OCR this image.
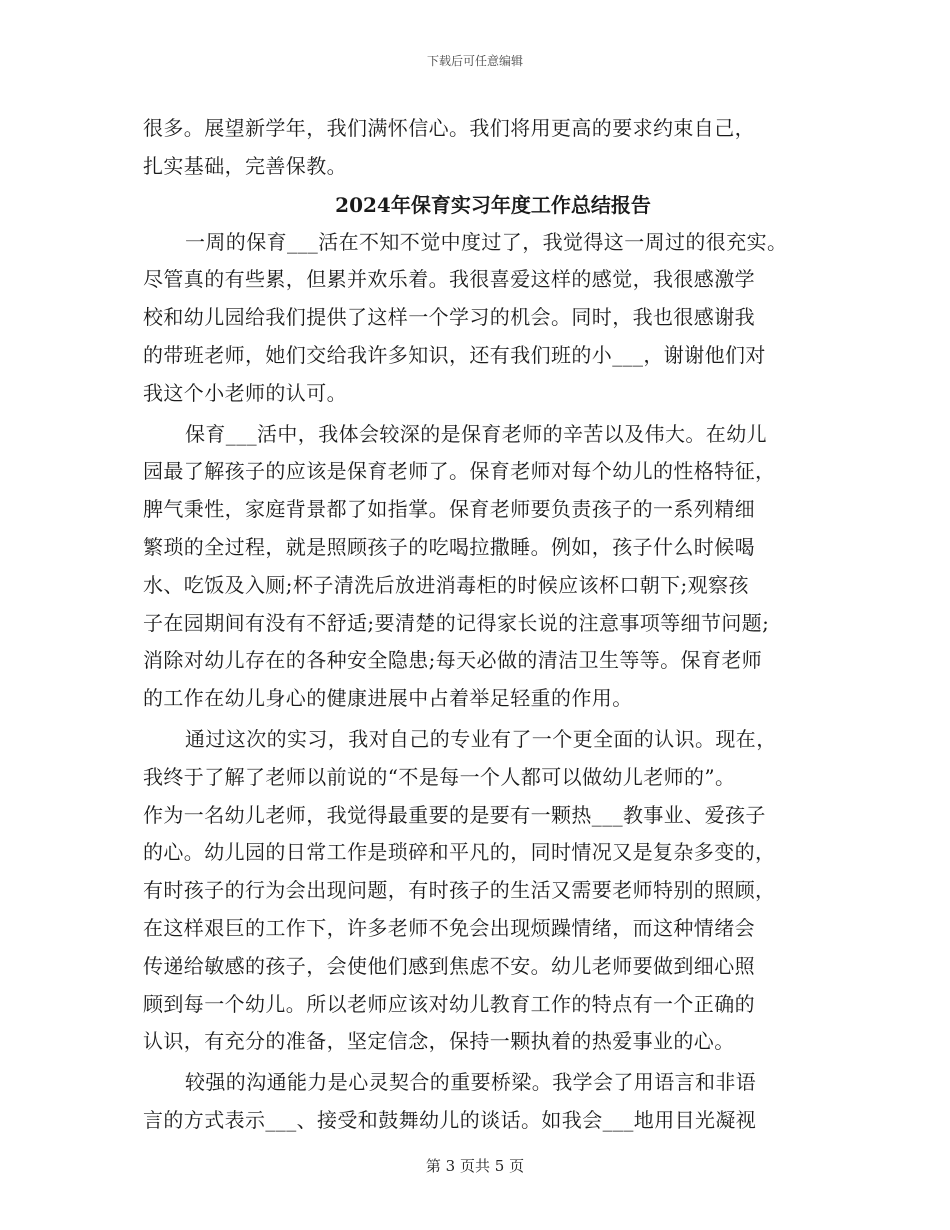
下载后可任意编辑
很多。展望新学年，我们满怀信心。我们将用更高的要求约束自己，
扎实基础，完善保教。
2024年保育实习年度工作总结报告
一周的保育___活在不知不觉中度过了，我觉得这一周过的很充实。
尽管真的有些累，但累并欢乐着。我很喜爱这样的感觉，我很感激学
校和幼儿园给我们提供了这样一个学习的机会。同时，我也很感谢我
的带班老师，她们交给我许多知识，还有我们班的小___，谢谢他们对
我这个小老师的认可。
保育___活中，我体会较深的是保育老师的辛苦以及伟大。在幼儿
园最了解孩子的应该是保育老师了。保育老师对每个幼儿的性格特征，
脾气秉性，家庭背景都了如指掌。保育老师要负责孩子的一系列精细
繁琐的全过程，就是照顾孩子的吃喝拉撒睡。例如，孩子什么时候喝
水、吃饭及入厕;杯子清洗后放进消毒柜的时候应该杯口朝下;观察孩
子在园期间有没有不舒适;要清楚的记得家长说的注意事项等细节问题;
消除对幼儿存在的各种安全隐患;每天必做的清洁卫生等等。保育老师
的工作在幼儿身心的健康进展中占着举足轻重的作用。
通过这次的实习，我对自己的专业有了一个更全面的认识。现在，
我终于了解了老师以前说的“不是每一个人都可以做幼儿老师的”。
作为一名幼儿老师，我觉得最重要的是要有一颗热___教事业、爱孩子
的心。幼儿园的日常工作是琐碎和平凡的，同时情况又是复杂多变的，
有时孩子的行为会出现问题，有时孩子的生活又需要老师特别的照顾，
在这样艰巨的工作下，许多老师不免会出现烦躁情绪，而这种情绪会
传递给敏感的孩子，会使他们感到焦虑不安。幼儿老师要做到细心照
顾到每一个幼儿。所以老师应该对幼儿教育工作的特点有一个正确的
认识，有充分的准备，坚定信念，保持一颗执着的热爱事业的心。
较强的沟通能力是心灵契合的重要桥梁。我学会了用语言和非语
言的方式表示___、接受和鼓舞幼儿的谈话。如我会___地用目光凝视
第 3 页共 5 页
